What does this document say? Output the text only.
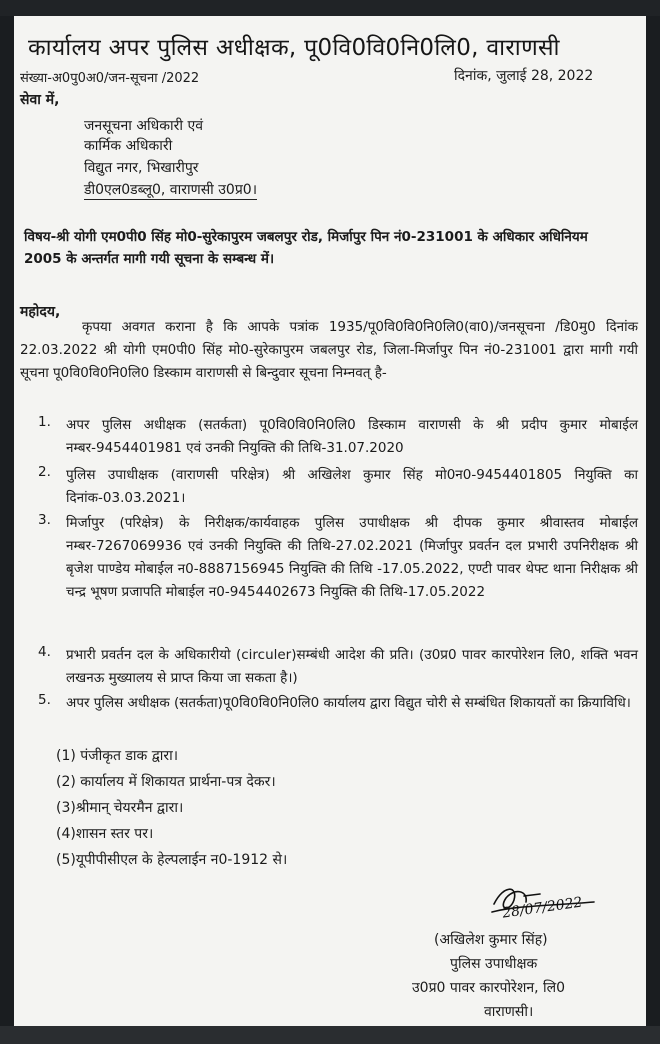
कार्यालय अपर पुलिस अधीक्षक, पू0वि0वि0नि0लि0, वाराणसी
संख्या-अ0पु0अ0/जन-सूचना /2022	दिनांक, जुलाई 28, 2022
सेवा में,
जनसूचना अधिकारी एवं
कार्मिक अधिकारी
विद्युत नगर, भिखारीपुर
डी0एल0डब्लू0, वाराणसी उ0प्र0।
विषय-श्री योगी एम0पी0 सिंह मो0-सुरेकापुरम जबलपुर रोड, मिर्जापुर पिन नं0-231001 के अधिकार अधिनियम 2005 के अन्तर्गत मागी गयी सूचना के सम्बन्ध में।
महोदय,
कृपया अवगत कराना है कि आपके पत्रांक 1935/पू0वि0वि0नि0लि0(वा0)/जनसूचना /डि0मु0 दिनांक 22.03.2022 श्री योगी एम0पी0 सिंह मो0-सुरेकापुरम जबलपुर रोड, जिला-मिर्जापुर पिन नं0-231001 द्वारा मागी गयी सूचना पू0वि0वि0नि0लि0 डिस्काम वाराणसी से बिन्दुवार सूचना निम्नवत् है-
1. अपर पुलिस अधीक्षक (सतर्कता) पू0वि0वि0नि0लि0 डिस्काम वाराणसी के श्री प्रदीप कुमार मोबाईल नम्बर-9454401981 एवं उनकी नियुक्ति की तिथि-31.07.2020
2. पुलिस उपाधीक्षक (वाराणसी परिक्षेत्र) श्री अखिलेश कुमार सिंह मो0न0-9454401805 नियुक्ति का दिनांक-03.03.2021।
3. मिर्जापुर (परिक्षेत्र) के निरीक्षक/कार्यवाहक पुलिस उपाधीक्षक श्री दीपक कुमार श्रीवास्तव मोबाईल नम्बर-7267069936 एवं उनकी नियुक्ति की तिथि-27.02.2021 (मिर्जापुर प्रवर्तन दल प्रभारी उपनिरीक्षक श्री बृजेश पाण्डेय मोबाईल न0-8887156945 नियुक्ति की तिथि -17.05.2022, एण्टी पावर थेफ्ट थाना निरीक्षक श्री चन्द्र भूषण प्रजापति मोबाईल न0-9454402673 नियुक्ति की तिथि-17.05.2022
4. प्रभारी प्रवर्तन दल के अधिकारीयो (circuler)सम्बंधी आदेश की प्रति। (उ0प्र0 पावर कारपोरेशन लि0, शक्ति भवन लखनऊ मुख्यालय से प्राप्त किया जा सकता है।)
5. अपर पुलिस अधीक्षक (सतर्कता)पू0वि0वि0नि0लि0 कार्यालय द्वारा विद्युत चोरी से सम्बंधित शिकायतों का क्रियाविधि।
(1) पंजीकृत डाक द्वारा।
(2) कार्यालय में शिकायत प्रार्थना-पत्र देकर।
(3)श्रीमान् चेयरमैन द्वारा।
(4)शासन स्तर पर।
(5)यूपीपीसीएल के हेल्पलाईन न0-1912 से।
28/07/2022
(अखिलेश कुमार सिंह)
पुलिस उपाधीक्षक
उ0प्र0 पावर कारपोरेशन, लि0
वाराणसी।
